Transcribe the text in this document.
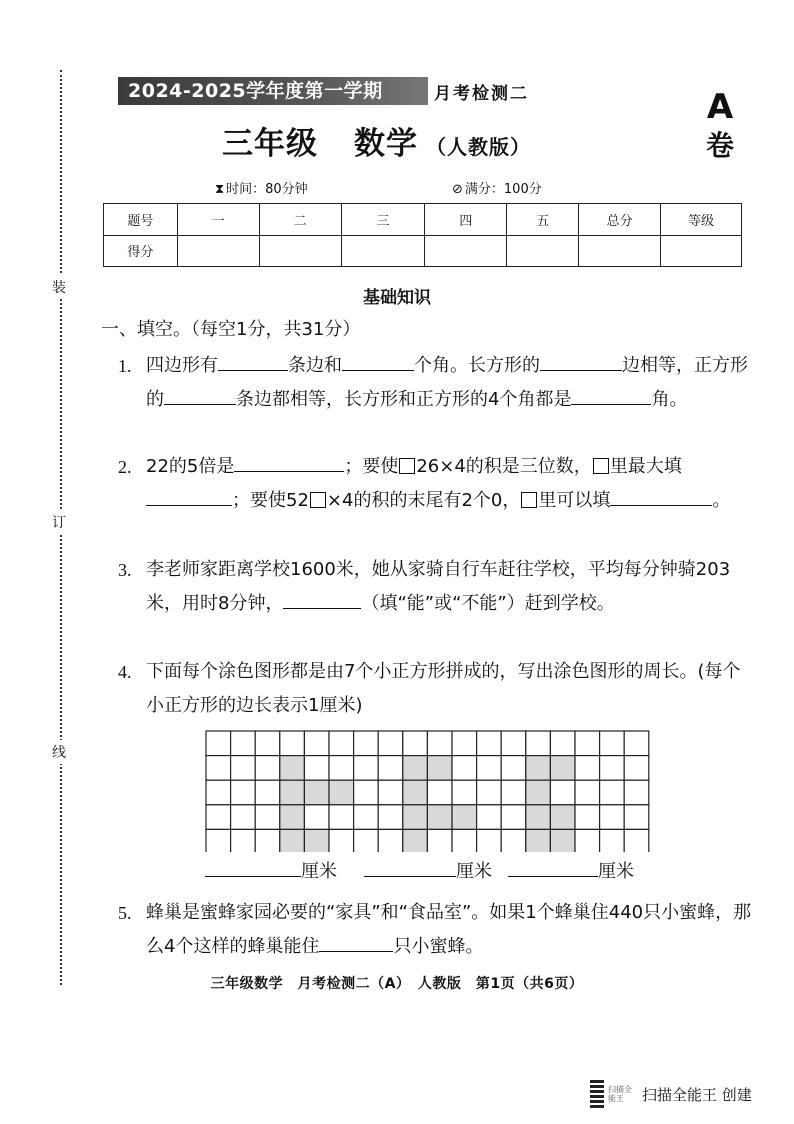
装
订
线
2024-2025学年度第一学期	月考检测二
三年级 数学 （人教版）
A
卷
⧗ 时间：80分钟	⊘ 满分：100分
题号	一	二	三	四	五	总分	等级
得分							
基础知识
一、填空。（每空1分，共31分）
1. 四边形有	条边和	个角。长方形的	边相等，正方形的	条边都相等，长方形和正方形的4个角都是	角。
2. 22的5倍是	；要使 26×4的积是三位数， 里最大填；要使52 ×4的积的末尾有2个0， 里可以填	。
3. 李老师家距离学校1600米，她从家骑自行车赶往学校，平均每分钟骑203米，用时8分钟，	（填“能”或“不能”）赶到学校。
4. 下面每个涂色图形都是由7个小正方形拼成的，写出涂色图形的周长。(每个小正方形的边长表示1厘米)
厘米	厘米	厘米
5. 蜂巢是蜜蜂家园必要的“家具”和“食品室”。如果1个蜂巢住440只小蜜蜂，那么4个这样的蜂巢能住	只小蜜蜂。
三年级数学　月考检测二（A）　人教版　第1页（共6页）
扫描全能王	扫描全能王
创建
